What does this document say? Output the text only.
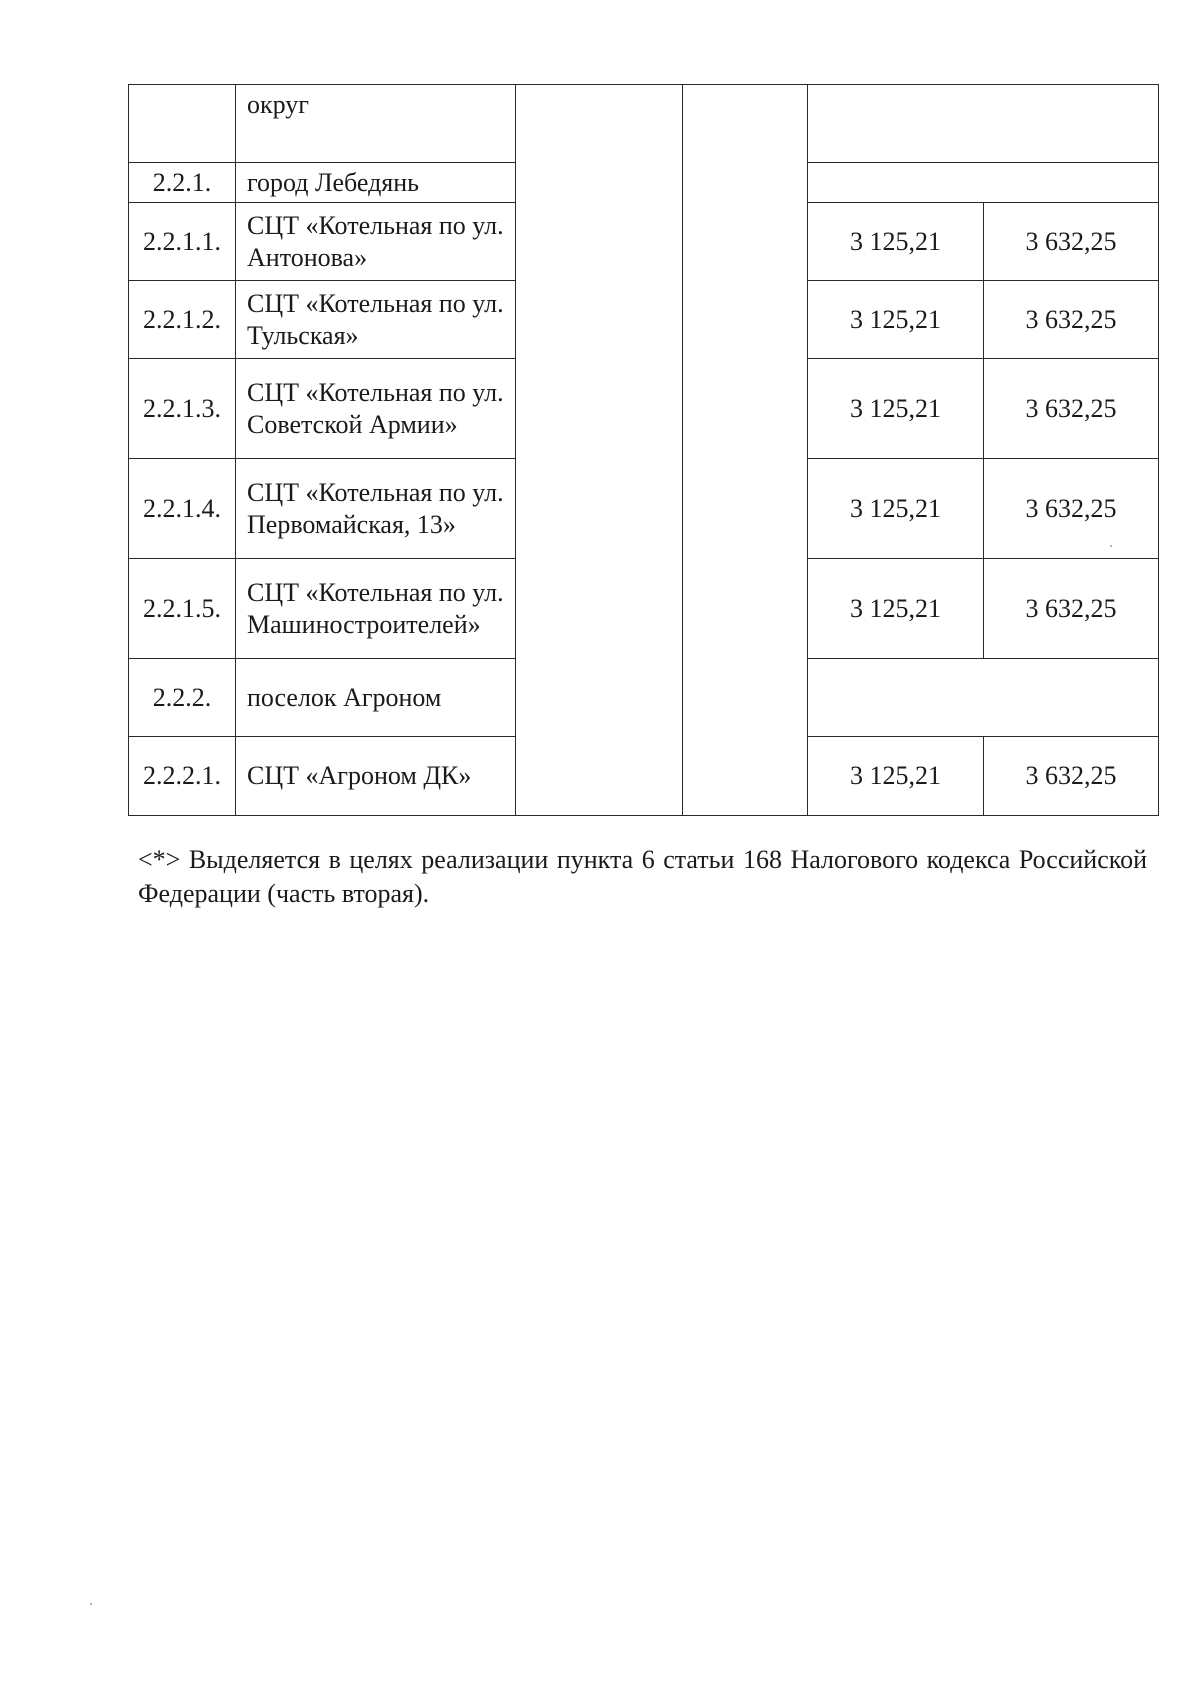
	округ				
2.2.1.	город Лебедянь				
2.2.1.1.	СЦТ «Котельная по ул. Антонова»			3 125,21	3 632,25
2.2.1.2.	СЦТ «Котельная по ул. Тульская»			3 125,21	3 632,25
2.2.1.3.	СЦТ «Котельная по ул. Советской Армии»			3 125,21	3 632,25
2.2.1.4.	СЦТ «Котельная по ул. Первомайская, 13»			3 125,21	3 632,25
2.2.1.5.	СЦТ «Котельная по ул. Машиностроителей»			3 125,21	3 632,25
2.2.2.	поселок Агроном				
2.2.2.1.	СЦТ «Агроном ДК»			3 125,21	3 632,25

<*> Выделяется в целях реализации пункта 6 статьи 168 Налогового кодекса Российской Федерации (часть вторая).
